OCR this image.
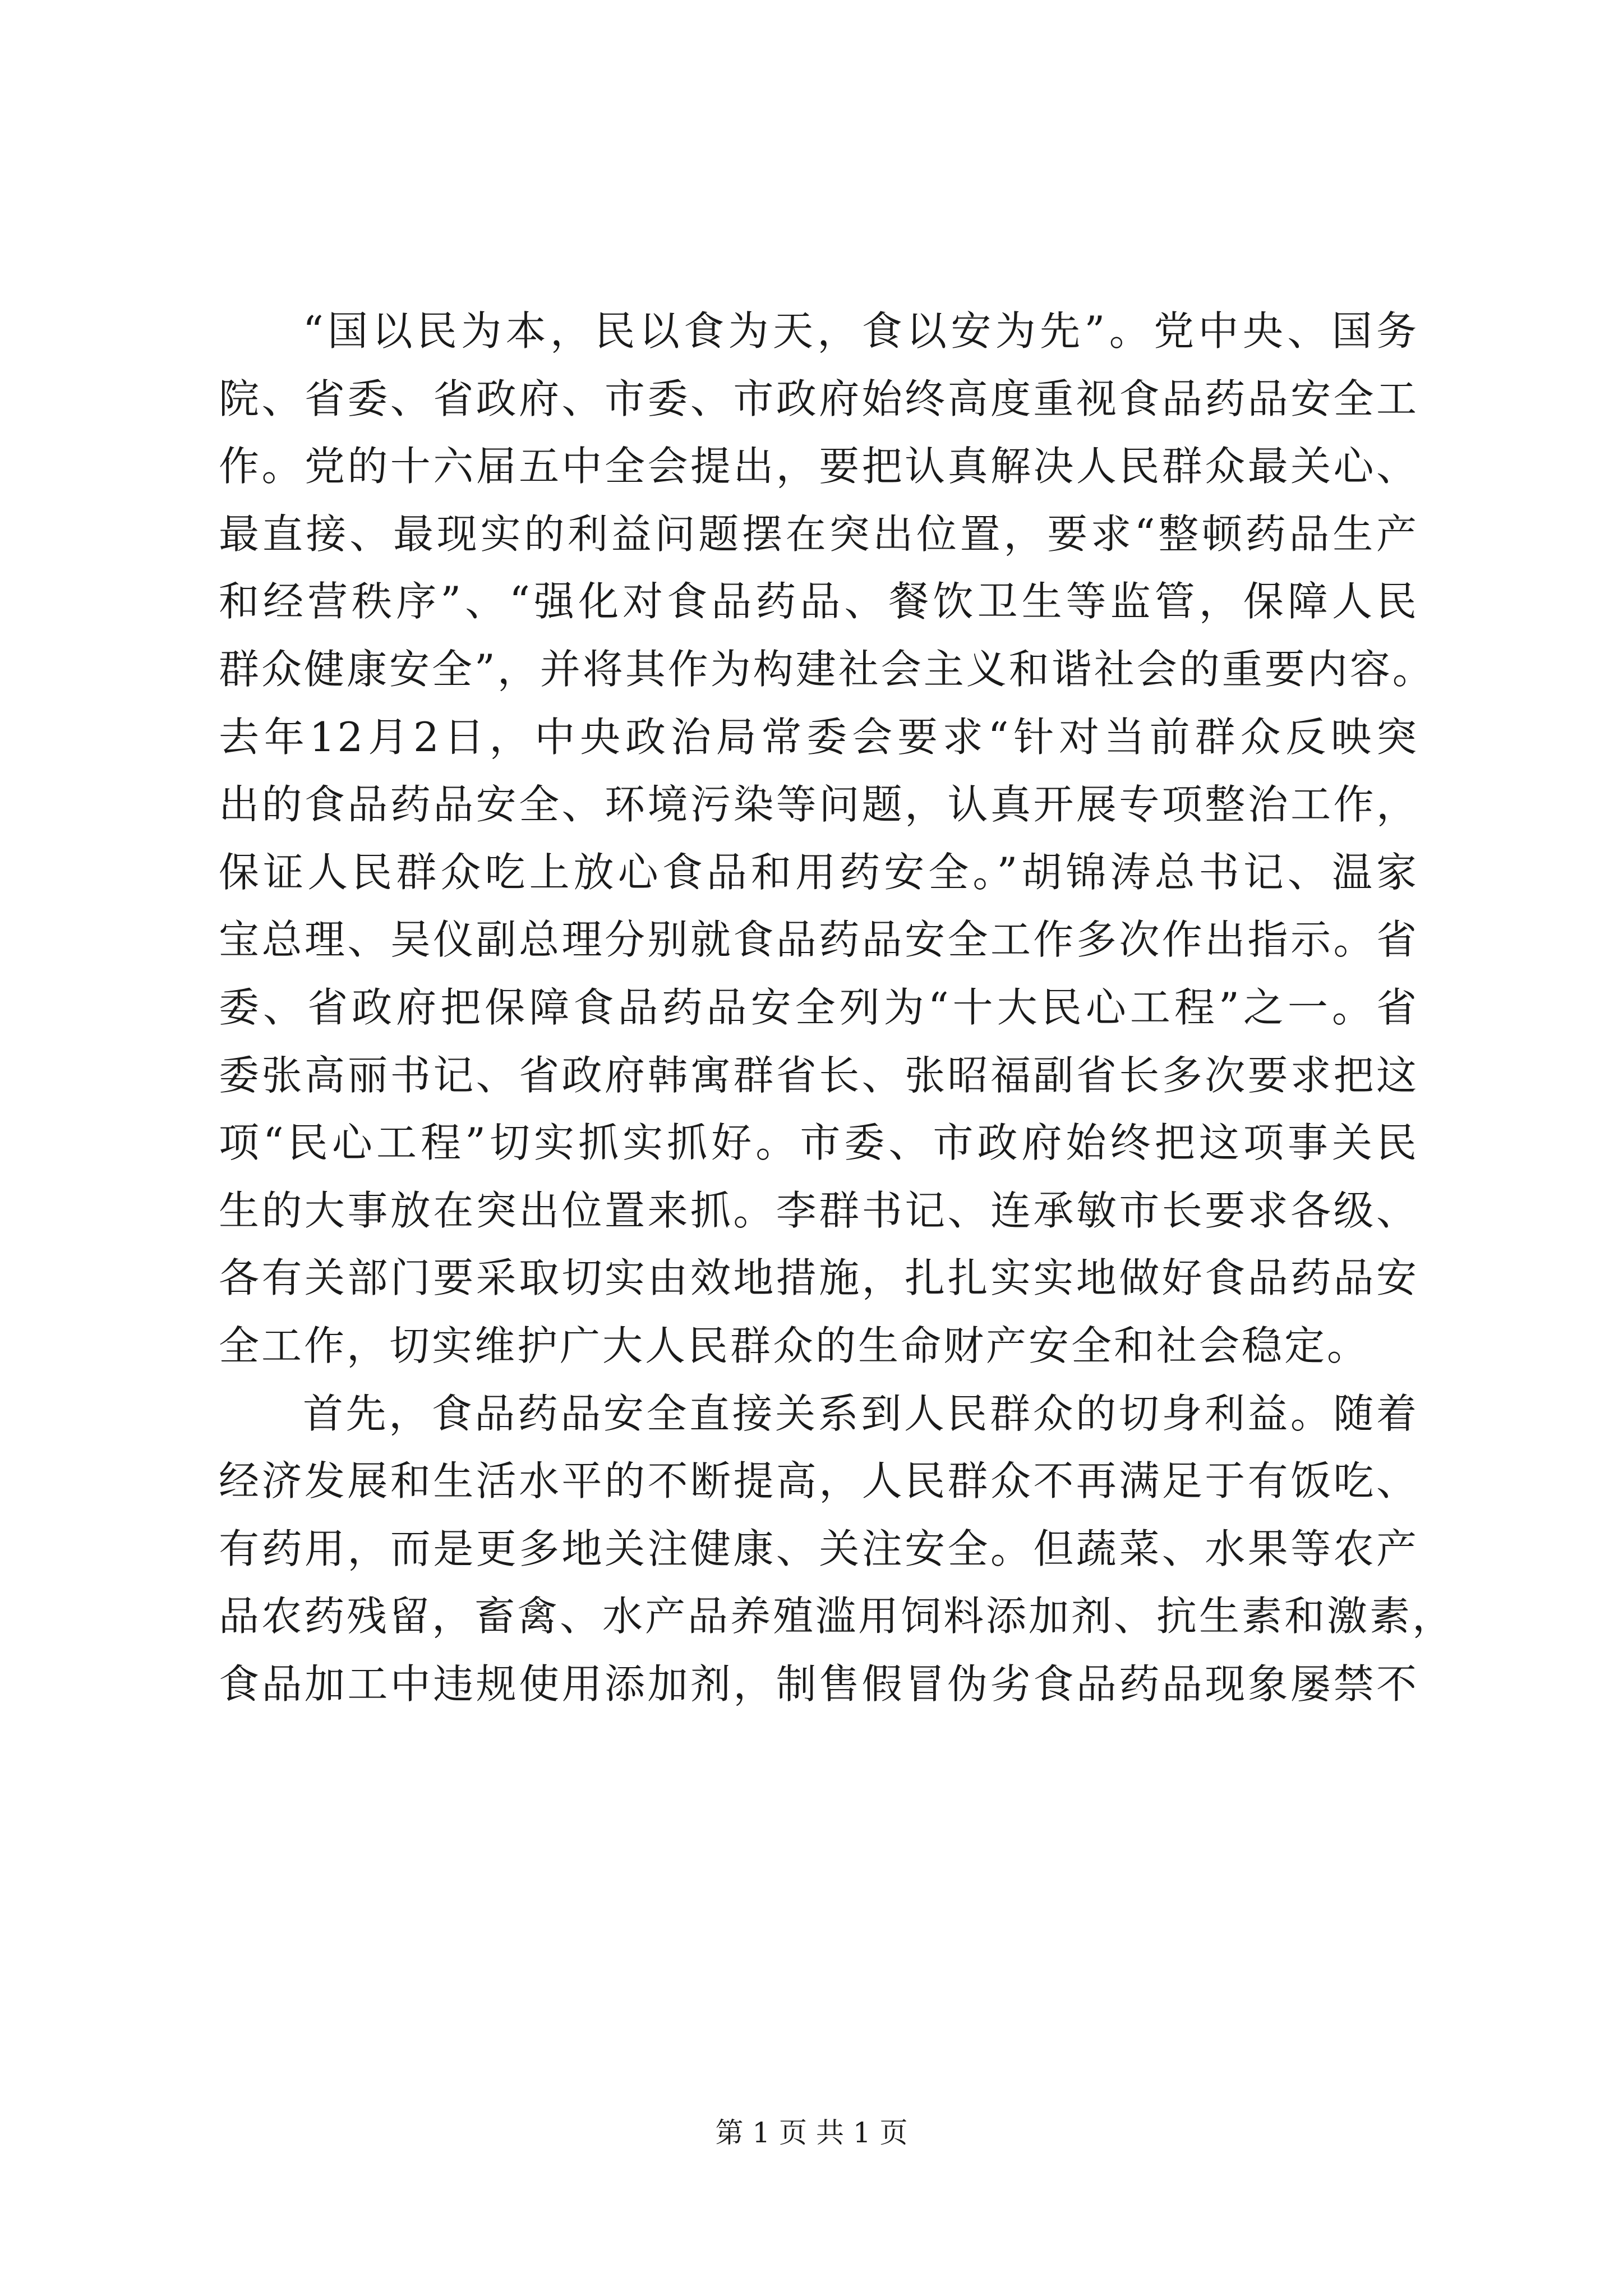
“国以民为本，民以食为天，食以安为先”。党中央、国务
院、省委、省政府、市委、市政府始终高度重视食品药品安全工
作。党的十六届五中全会提出，要把认真解决人民群众最关心、
最直接、最现实的利益问题摆在突出位置，要求“整顿药品生产
和经营秩序”、“强化对食品药品、餐饮卫生等监管，保障人民
群众健康安全”，并将其作为构建社会主义和谐社会的重要内容。
去年12月2日，中央政治局常委会要求“针对当前群众反映突
出的食品药品安全、环境污染等问题，认真开展专项整治工作，
保证人民群众吃上放心食品和用药安全。”胡锦涛总书记、温家
宝总理、吴仪副总理分别就食品药品安全工作多次作出指示。省
委、省政府把保障食品药品安全列为“十大民心工程”之一。省
委张高丽书记、省政府韩寓群省长、张昭福副省长多次要求把这
项“民心工程”切实抓实抓好。市委、市政府始终把这项事关民
生的大事放在突出位置来抓。李群书记、连承敏市长要求各级、
各有关部门要采取切实由效地措施，扎扎实实地做好食品药品安
全工作，切实维护广大人民群众的生命财产安全和社会稳定。
首先，食品药品安全直接关系到人民群众的切身利益。随着
经济发展和生活水平的不断提高，人民群众不再满足于有饭吃、
有药用，而是更多地关注健康、关注安全。但蔬菜、水果等农产
品农药残留，畜禽、水产品养殖滥用饲料添加剂、抗生素和激素，
食品加工中违规使用添加剂，制售假冒伪劣食品药品现象屡禁不
第 1 页 共 1 页
